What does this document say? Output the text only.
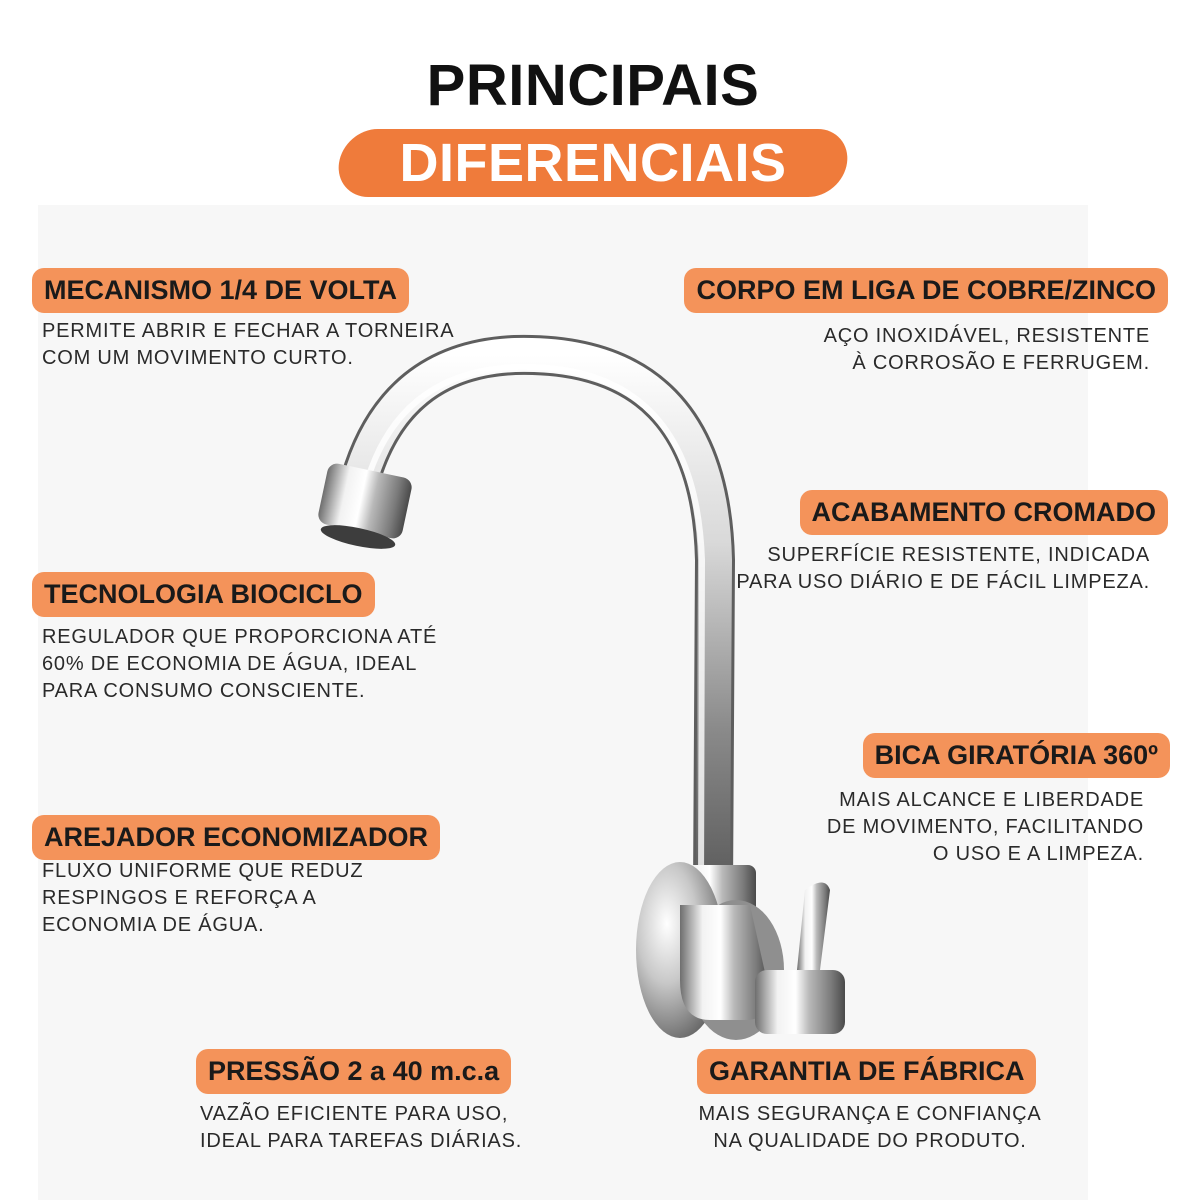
PRINCIPAIS
DIFERENCIAIS
MECANISMO 1/4 DE VOLTA
PERMITE ABRIR E FECHAR A TORNEIRA
COM UM MOVIMENTO CURTO.
TECNOLOGIA BIOCICLO
REGULADOR QUE PROPORCIONA ATÉ
60% DE ECONOMIA DE ÁGUA, IDEAL
PARA CONSUMO CONSCIENTE.
AREJADOR ECONOMIZADOR
FLUXO UNIFORME QUE REDUZ
RESPINGOS E REFORÇA A
ECONOMIA DE ÁGUA.
CORPO EM LIGA DE COBRE/ZINCO
AÇO INOXIDÁVEL, RESISTENTE
À CORROSÃO E FERRUGEM.
ACABAMENTO CROMADO
SUPERFÍCIE RESISTENTE, INDICADA
PARA USO DIÁRIO E DE FÁCIL LIMPEZA.
BICA GIRATÓRIA 360º
MAIS ALCANCE E LIBERDADE
DE MOVIMENTO, FACILITANDO
O USO E A LIMPEZA.
PRESSÃO 2 a 40 m.c.a
VAZÃO EFICIENTE PARA USO,
IDEAL PARA TAREFAS DIÁRIAS.
GARANTIA DE FÁBRICA
MAIS SEGURANÇA E CONFIANÇA
NA QUALIDADE DO PRODUTO.
